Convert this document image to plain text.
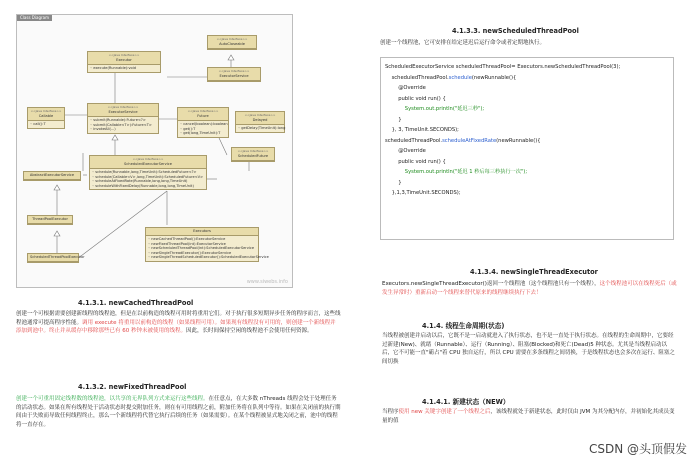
Class Diagram
<<Java Interface>>
Executor
◦ execute(Runnable):void
<<Java Interface>>
AutoCloseable
<<Java Interface>>
ExecutorService
<<Java Interface>>
ExecutorService
◦ submit(Runnable):Future<?>
◦ submit(Callable<T>):Future<T>
◦ invokeAll(...)
<<Java Interface>>
Callable
◦ call():T
<<Java Interface>>
Future
◦ cancel(boolean):boolean
◦ get():T
◦ get(long,TimeUnit):T
<<Java Interface>>
Delayed
◦ getDelay(TimeUnit):long
<<Java Interface>>
ScheduledExecutorService
◦ schedule(Runnable,long,TimeUnit):ScheduledFuture<?>
◦ schedule(Callable<V>,long,TimeUnit):ScheduledFuture<V>
◦ scheduleAtFixedRate(Runnable,long,long,TimeUnit)
◦ scheduleWithFixedDelay(Runnable,long,long,TimeUnit)
AbstractExecutorService
<<Java Interface>>
ScheduledFuture
ThreadPoolExecutor
ScheduledThreadPoolExecutor
Executors
◦ newCachedThreadPool():ExecutorService
◦ newFixedThreadPool(int):ExecutorService
◦ newScheduledThreadPool(int):ScheduledExecutorService
◦ newSingleThreadExecutor():ExecutorService
◦ newSingleThreadScheduledExecutor():ScheduledExecutorService
www.siwebs.info
4.1.3.1. newCachedThreadPool
创建一个可根据需要创建新线程的线程池，但是在以前构造的线程可用时将重用它们。对于执行很多短期异步任务的程序而言，这些线程池通常可提高程序性能。调用 execute 将重用以前构造的线程（如果线程可用）。如果现有线程没有可用的，则创建一个新线程并添加到池中。终止并从缓存中移除那些已有 60 秒钟未被使用的线程。因此，长时间保持空闲的线程池不会使用任何资源。
4.1.3.2. newFixedThreadPool
创建一个可重用固定线程数的线程池，以共享的无界队列方式来运行这些线程。在任意点，在大多数 nThreads 线程会处于处理任务的活动状态。如果在所有线程处于活动状态时提交附加任务，则在有可用线程之前，附加任务将在队列中等待。如果在关闭前的执行期间由于失败而导致任何线程终止，那么一个新线程将代替它执行后续的任务（如果需要）。在某个线程被显式地关闭之前，池中的线程将一直存在。
4.1.3.3. newScheduledThreadPool
创建一个线程池，它可安排在给定延迟后运行命令或者定期地执行。
ScheduledExecutorService scheduledThreadPool= Executors.newScheduledThreadPool(3);
scheduledThreadPool.schedule(newRunnable(){
@Override
public void run() {
System.out.println("延迟三秒");
}
}, 3, TimeUnit.SECONDS);
scheduledThreadPool.scheduleAtFixedRate(newRunnable(){
@Override
public void run() {
System.out.println("延迟 1 秒后每三秒执行一次");
}
},1,3,TimeUnit.SECONDS);
4.1.3.4. newSingleThreadExecutor
Executors.newSingleThreadExecutor()返回一个线程池（这个线程池只有一个线程），这个线程池可以在线程死后（或发生异常时）重新启动一个线程来替代原来的线程继续执行下去！
4.1.4. 线程生命周期(状态)
当线程被创建并启动以后，它既不是一启动就进入了执行状态，也不是一直处于执行状态。在线程的生命周期中，它要经过新建(New)、就绪（Runnable）、运行（Running）、阻塞(Blocked)和死亡(Dead)5 种状态。尤其是当线程启动以后，它不可能一直"霸占"着 CPU 独自运行，所以 CPU 需要在多条线程之间切换，于是线程状态也会多次在运行、阻塞之间切换
4.1.4.1. 新建状态（NEW）
当程序使用 new 关键字创建了一个线程之后，该线程就处于新建状态，此时仅由 JVM 为其分配内存，并初始化其成员变量的值
CSDN @头顶假发
